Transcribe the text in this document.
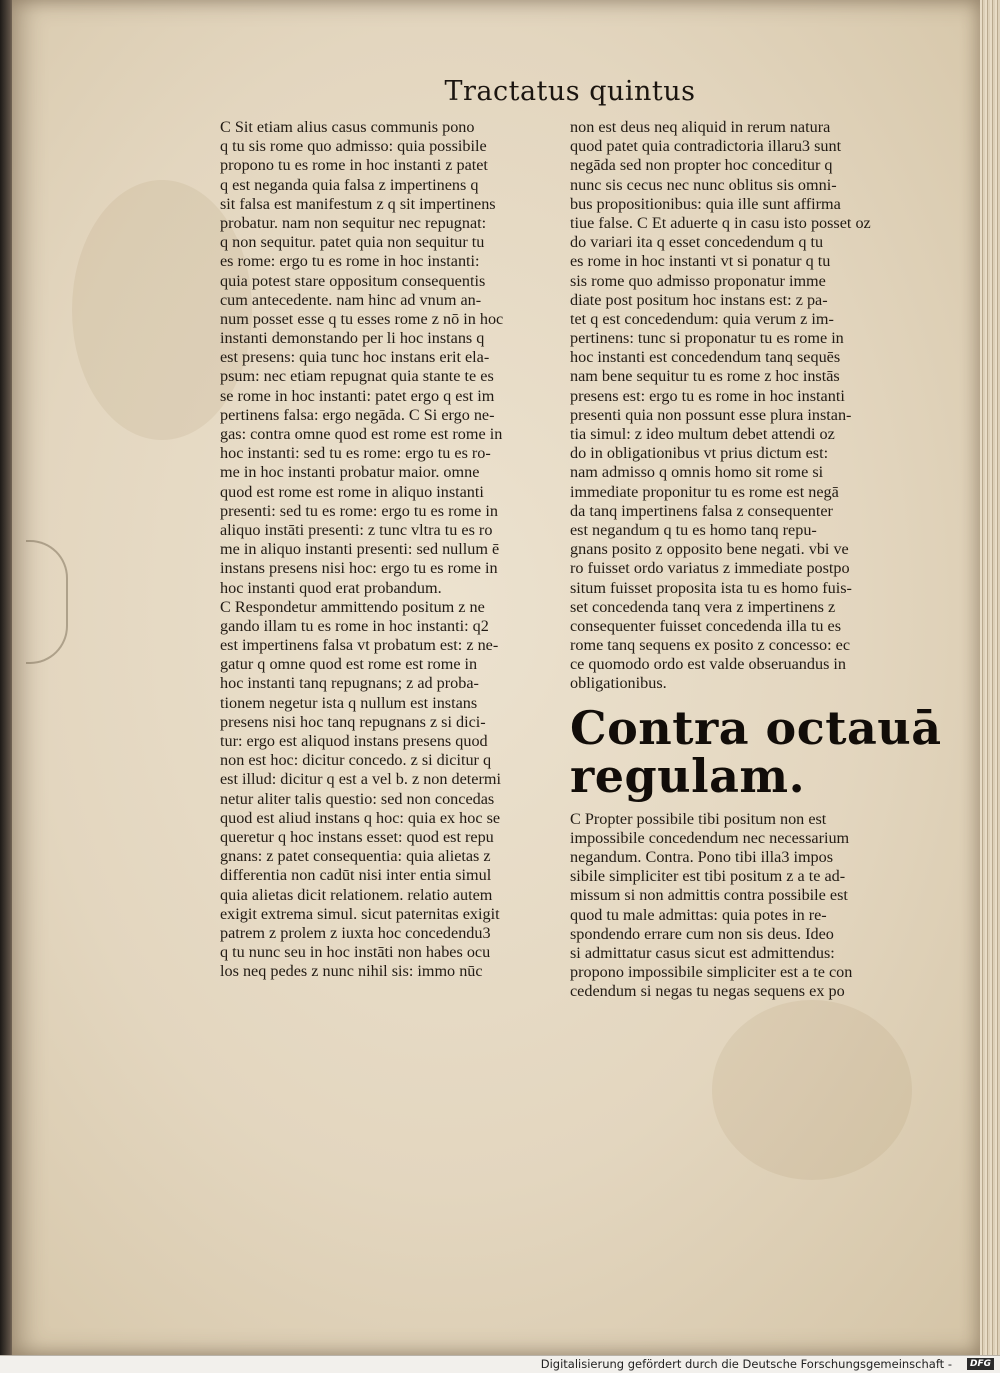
Tractatus quintus
C Sit etiam alius casus communis pono
q tu sis rome quo admisso: quia possibile
propono tu es rome in hoc instanti z patet
q est neganda quia falsa z impertinens q
sit falsa est manifestum z q sit impertinens
probatur. nam non sequitur nec repugnat:
q non sequitur. patet quia non sequitur tu
es rome: ergo tu es rome in hoc instanti:
quia potest stare oppositum consequentis
cum antecedente. nam hinc ad vnum an-
num posset esse q tu esses rome z nō in hoc
instanti demonstando per li hoc instans q
est presens: quia tunc hoc instans erit ela-
psum: nec etiam repugnat quia stante te es
se rome in hoc instanti: patet ergo q est im
pertinens falsa: ergo negāda. C Si ergo ne-
gas: contra omne quod est rome est rome in
hoc instanti: sed tu es rome: ergo tu es ro-
me in hoc instanti probatur maior. omne
quod est rome est rome in aliquo instanti
presenti: sed tu es rome: ergo tu es rome in
aliquo instāti presenti: z tunc vltra tu es ro
me in aliquo instanti presenti: sed nullum ē
instans presens nisi hoc: ergo tu es rome in
hoc instanti quod erat probandum.
C Respondetur ammittendo positum z ne
gando illam tu es rome in hoc instanti: q2
est impertinens falsa vt probatum est: z ne-
gatur q omne quod est rome est rome in
hoc instanti tanq repugnans; z ad proba-
tionem negetur ista q nullum est instans
presens nisi hoc tanq repugnans z si dici-
tur: ergo est aliquod instans presens quod
non est hoc: dicitur concedo. z si dicitur q
est illud: dicitur q est a vel b. z non determi
netur aliter talis questio: sed non concedas
quod est aliud instans q hoc: quia ex hoc se
queretur q hoc instans esset: quod est repu
gnans: z patet consequentia: quia alietas z
differentia non cadūt nisi inter entia simul
quia alietas dicit relationem. relatio autem
exigit extrema simul. sicut paternitas exigit
patrem z prolem z iuxta hoc concedendu3
q tu nunc seu in hoc instāti non habes ocu
los neq pedes z nunc nihil sis: immo nūc
non est deus neq aliquid in rerum natura
quod patet quia contradictoria illaru3 sunt
negāda sed non propter hoc conceditur q
nunc sis cecus nec nunc oblitus sis omni-
bus propositionibus: quia ille sunt affirma
tiue false. C Et aduerte q in casu isto posset oz
do variari ita q esset concedendum q tu
es rome in hoc instanti vt si ponatur q tu
sis rome quo admisso proponatur imme
diate post positum hoc instans est: z pa-
tet q est concedendum: quia verum z im-
pertinens: tunc si proponatur tu es rome in
hoc instanti est concedendum tanq sequēs
nam bene sequitur tu es rome z hoc instās
presens est: ergo tu es rome in hoc instanti
presenti quia non possunt esse plura instan-
tia simul: z ideo multum debet attendi oz
do in obligationibus vt prius dictum est:
nam admisso q omnis homo sit rome si
immediate proponitur tu es rome est negā
da tanq impertinens falsa z consequenter
est negandum q tu es homo tanq repu-
gnans posito z opposito bene negati. vbi ve
ro fuisset ordo variatus z immediate postpo
situm fuisset proposita ista tu es homo fuis-
set concedenda tanq vera z impertinens z
consequenter fuisset concedenda illa tu es
rome tanq sequens ex posito z concesso: ec
ce quomodo ordo est valde obseruandus in
obligationibus.
Contra octauā
regulam.
C Propter possibile tibi positum non est
impossibile concedendum nec necessarium
negandum. Contra. Pono tibi illa3 impos
sibile simpliciter est tibi positum z a te ad-
missum si non admittis contra possibile est
quod tu male admittas: quia potes in re-
spondendo errare cum non sis deus. Ideo
si admittatur casus sicut est admittendus:
propono impossibile simpliciter est a te con
cedendum si negas tu negas sequens ex po
Digitalisierung gefördert durch die Deutsche Forschungsgemeinschaft -	DFG
